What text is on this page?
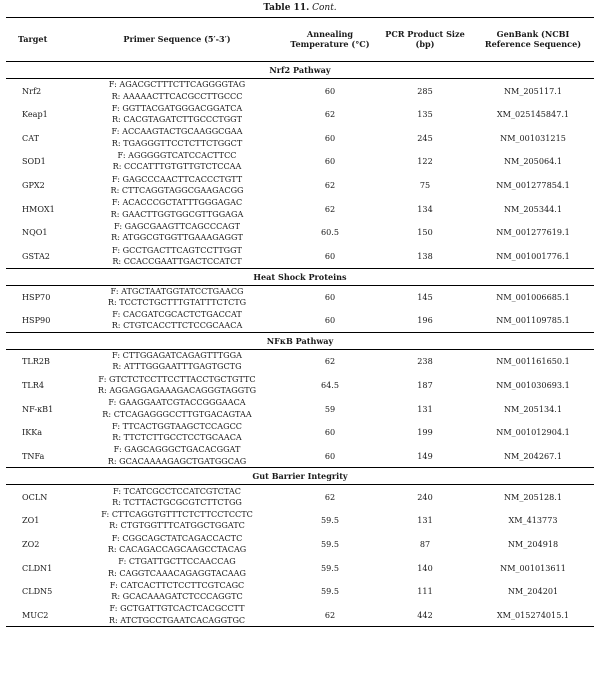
Table 11. Cont.
Target	Primer Sequence (5′-3′)	Annealing Temperature (°C)	PCR Product Size (bp)	GenBank (NCBI Reference Sequence)
Nrf2 Pathway				
Nrf2	F: AGACGCTTTCTTCAGGGGTAG
R: AAAAACTTCACGCCTTGCCC	60	285	NM_205117.1
Keap1	F: GGTTACGATGGGACGGATCA
R: CACGTAGATCTTGCCCTGGT	62	135	XM_025145847.1
CAT	F: ACCAAGTACTGCAAGGCGAA
R: TGAGGGTTCCTCTTCTGGCT	60	245	NM_001031215
SOD1	F: AGGGGGTCATCCACTTCC
R: CCCATTTGTGTTGTCTCCAA	60	122	NM_205064.1
GPX2	F: GAGCCCAACTTCACCCTGTT
R: CTTCAGGTAGGCGAAGACGG	62	75	NM_001277854.1
HMOX1	F: ACACCCGCTATTTGGGAGAC
R: GAACTTGGTGGCGTTGGAGA	62	134	NM_205344.1
NQO1	F: GAGCGAAGTTCAGCCCAGT
R: ATGGCGTGGTTGAAAGAGGT	60.5	150	NM_001277619.1
GSTA2	F: GCCTGACTTCAGTCCTTGGT
R: CCACCGAATTGACTCCATCT	60	138	NM_001001776.1
Heat Shock Proteins				
HSP70	F: ATGCTAATGGTATCCTGAACG
R: TCCTCTGCTTTGTATTTCTCTG	60	145	NM_001006685.1
HSP90	F: CACGATCGCACTCTGACCAT
R: CTGTCACCTTCTCCGCAACA	60	196	NM_001109785.1
NFκB Pathway				
TLR2B	F: CTTGGAGATCAGAGTTTGGA
R: ATTTGGGAATTTGAGTGCTG	62	238	NM_001161650.1
TLR4	F: GTCTCTCCTTCCTTACCTGCTGTTC
R: AGGAGGAGAAAGACAGGGTAGGTG	64.5	187	NM_001030693.1
NF-κB1	F: GAAGGAATCGTACCGGGAACA
R: CTCAGAGGGCCTTGTGACAGTAA	59	131	NM_205134.1
IKKa	F: TTCACTGGTAAGCTCCAGCC
R: TTCTCTTGCCTCCTGCAACA	60	199	NM_001012904.1
TNFa	F: GAGCAGGGCTGACACGGAT
R: GCACAAAAGAGCTGATGGCAG	60	149	NM_204267.1
Gut Barrier Integrity				
OCLN	F: TCATCGCCTCCATCGTCTAC
R: TCTTACTGCGCGTCTTCTGG	62	240	NM_205128.1
ZO1	F: CTTCAGGTGTTTCTCTTCCTCCTC
R: CTGTGGTTTCATGGCTGGATC	59.5	131	XM_413773
ZO2	F: CGGCAGCTATCAGACCACTC
R: CACAGACCAGCAAGCCTACAG	59.5	87	NM_204918
CLDN1	F: CTGATTGCTTCCAACCAG
R: CAGGTCAAACAGAGGTACAAG	59.5	140	NM_001013611
CLDN5	F: CATCACTTCTCCTTCGTCAGC
R: GCACAAAGATCTCCCAGGTC	59.5	111	NM_204201
MUC2	F: GCTGATTGTCACTCACGCCTT
R: ATCTGCCTGAATCACAGGTGC	62	442	XM_015274015.1
